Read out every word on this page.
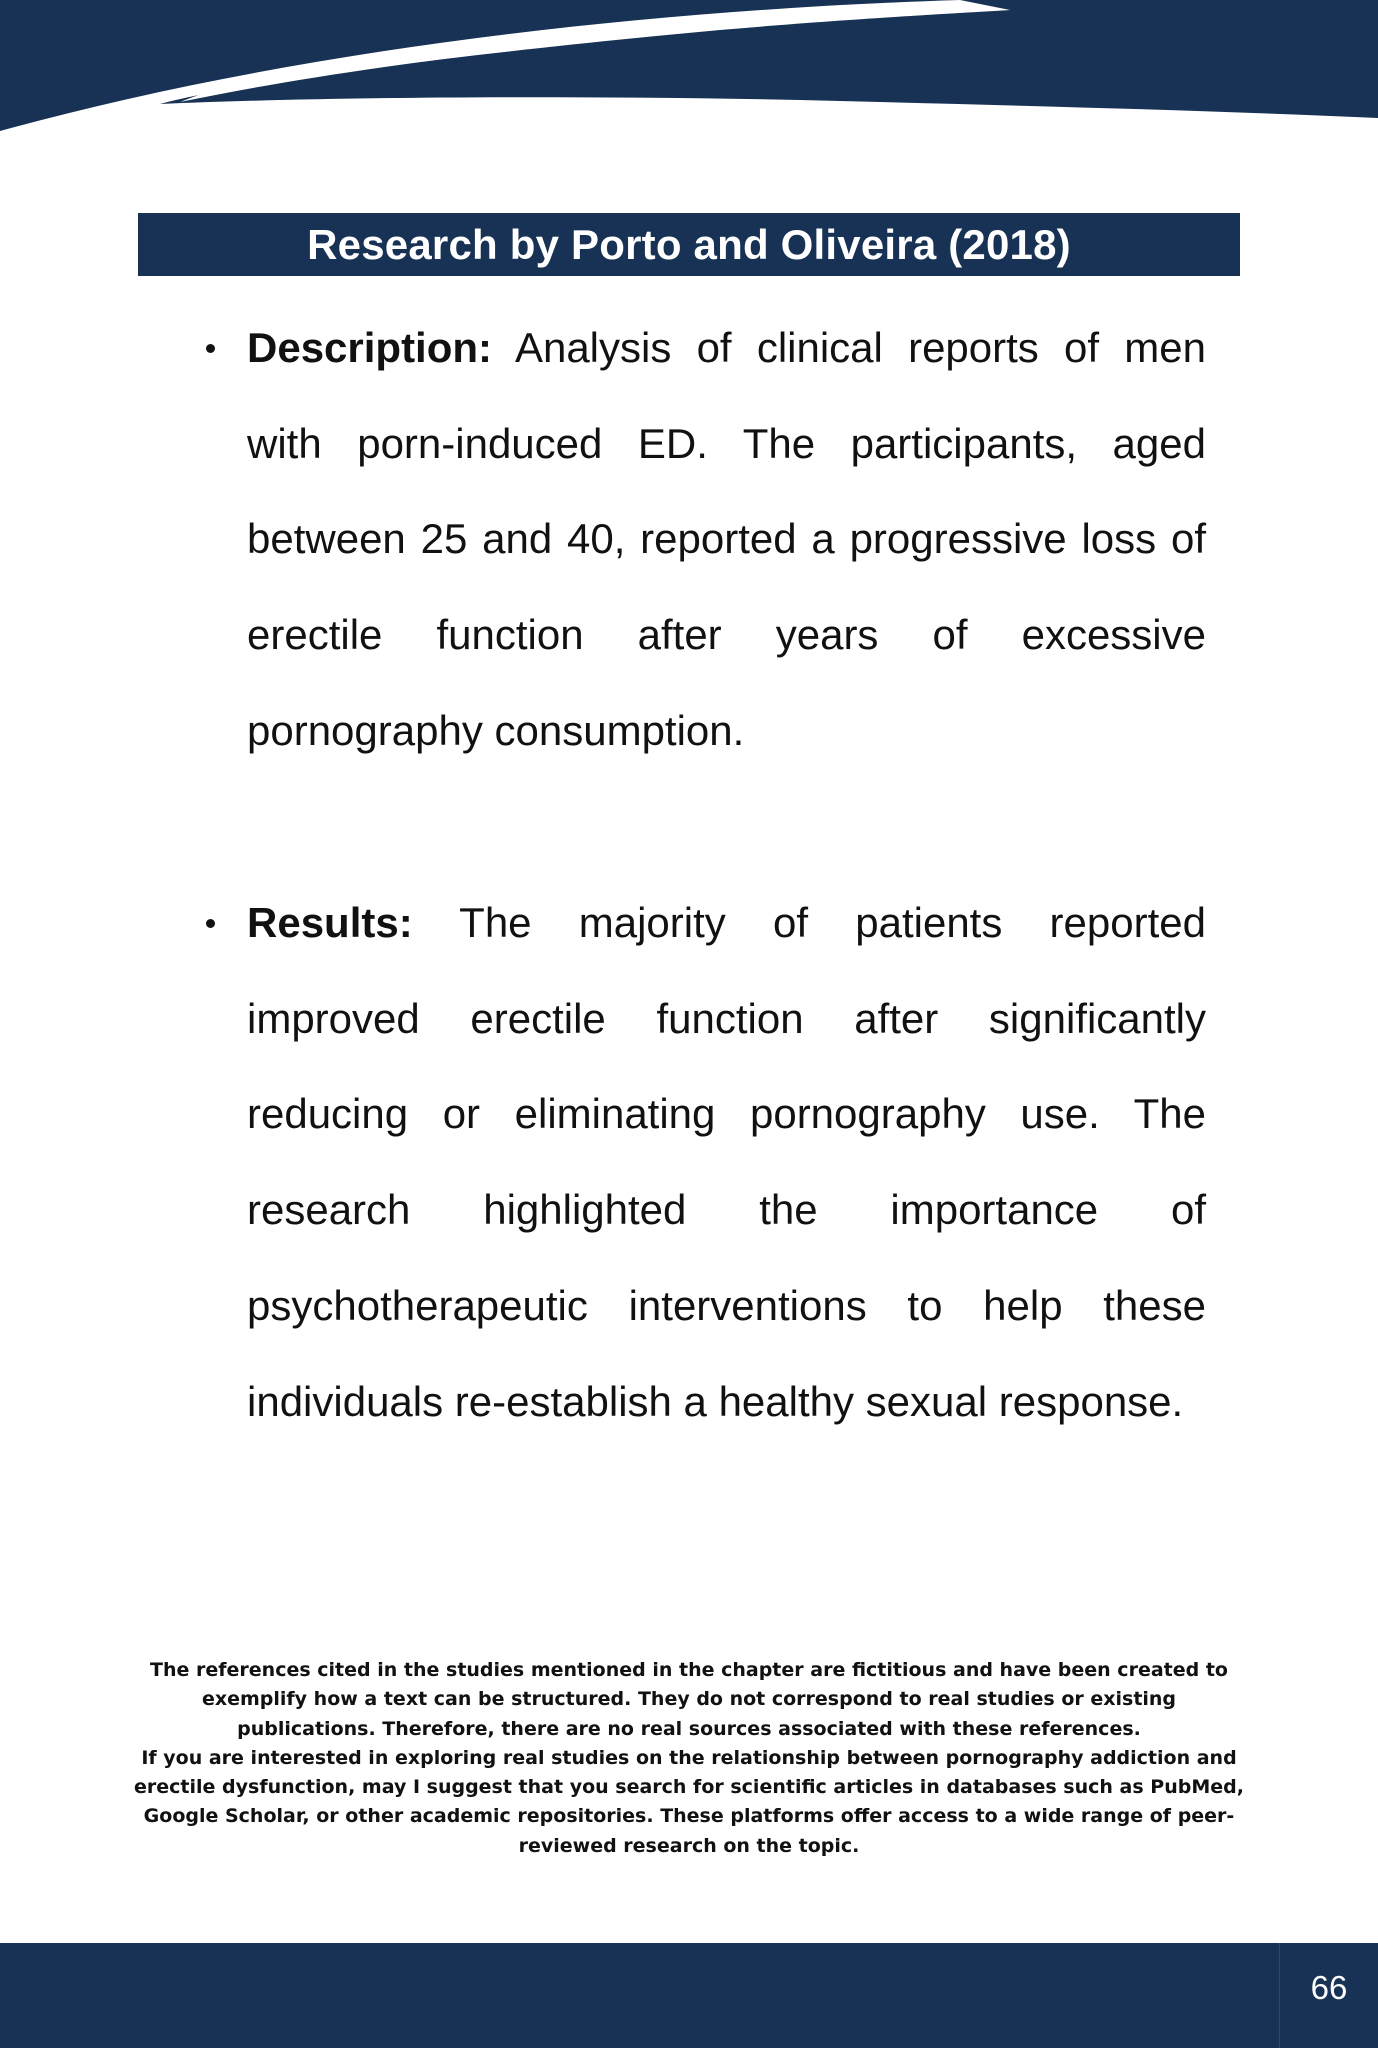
Research by Porto and Oliveira (2018)
Description: Analysis of clinical reports of men with porn-induced ED. The participants, aged between 25 and 40, reported a progressive loss of erectile function after years of excessive pornography consumption.
Results: The majority of patients reported improved erectile function after significantly reducing or eliminating pornography use. The research highlighted the importance of psychotherapeutic interventions to help these individuals re-establish a healthy sexual response.

The references cited in the studies mentioned in the chapter are fictitious and have been created to exemplify how a text can be structured. They do not correspond to real studies or existing publications. Therefore, there are no real sources associated with these references.

If you are interested in exploring real studies on the relationship between pornography addiction and erectile dysfunction, may I suggest that you search for scientific articles in databases such as PubMed, Google Scholar, or other academic repositories. These platforms offer access to a wide range of peer-reviewed research on the topic.

66
